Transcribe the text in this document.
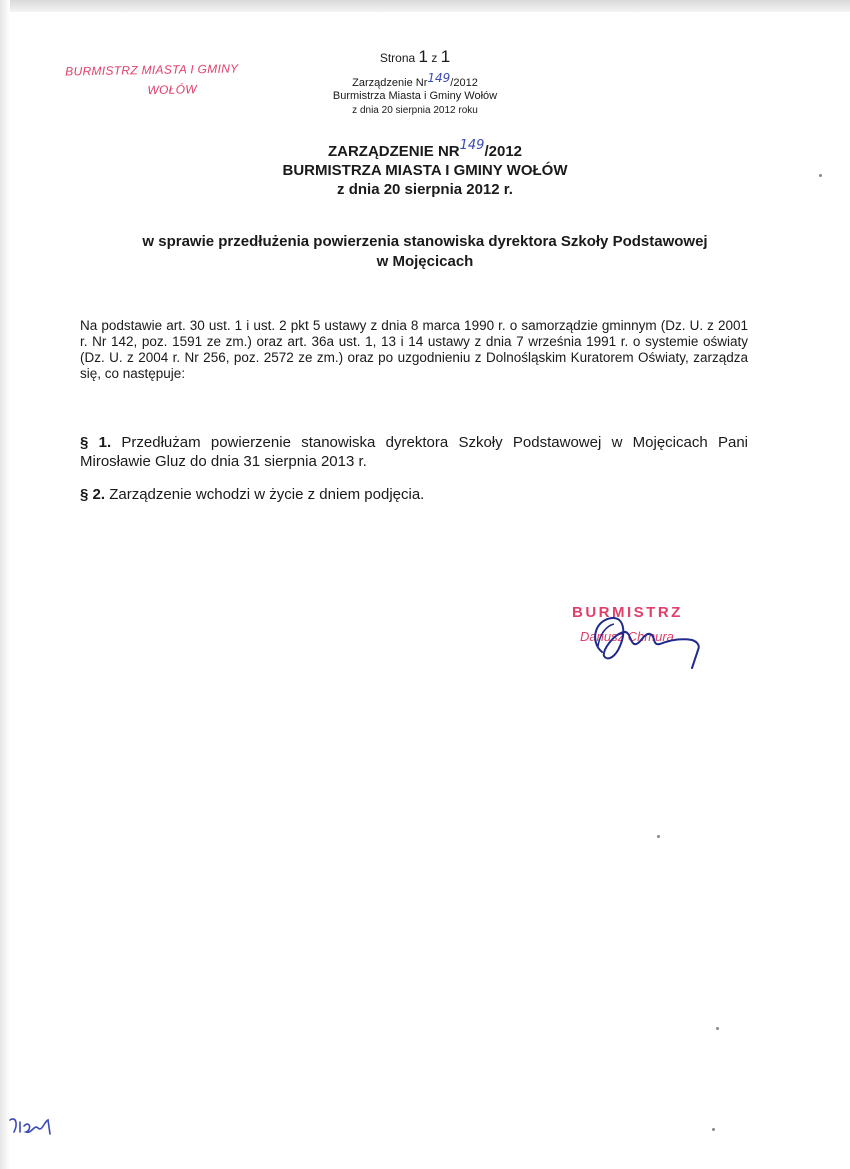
BURMISTRZ MIASTA I GMINY
WOŁÓW
Strona 1 z 1
Zarządzenie Nr149/2012
Burmistrza Miasta i Gminy Wołów
z dnia 20 sierpnia 2012 roku
ZARZĄDZENIE NR149/2012
BURMISTRZA MIASTA I GMINY WOŁÓW
z dnia 20 sierpnia 2012 r.
w sprawie przedłużenia powierzenia stanowiska dyrektora Szkoły Podstawowej
w Mojęcicach
Na podstawie art. 30 ust. 1 i ust. 2 pkt 5 ustawy z dnia 8 marca 1990 r. o samorządzie gminnym (Dz. U. z 2001 r. Nr 142, poz. 1591 ze zm.) oraz art. 36a ust. 1, 13 i 14 ustawy z dnia 7 września 1991 r. o systemie oświaty (Dz. U. z 2004 r. Nr 256, poz. 2572 ze zm.) oraz po uzgodnieniu z Dolnośląskim Kuratorem Oświaty, zarządza się, co następuje:
§ 1. Przedłużam powierzenie stanowiska dyrektora Szkoły Podstawowej w Mojęcicach Pani Mirosławie Gluz do dnia 31 sierpnia 2013 r.
§ 2. Zarządzenie wchodzi w życie z dniem podjęcia.
BURMISTRZ
Dariusz Chmura
